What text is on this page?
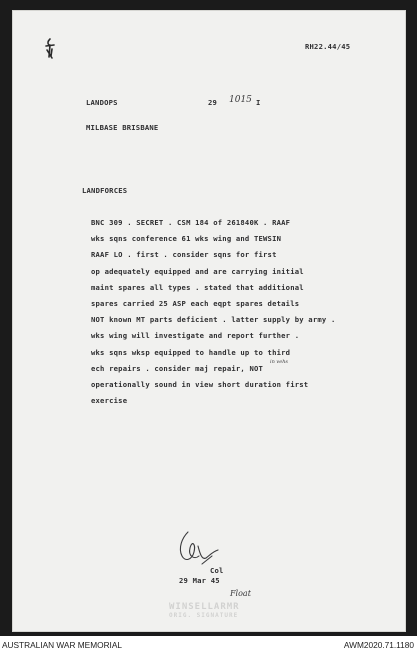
RH22.44/45
LANDOPS	29 1015 I
MILBASE BRISBANE
LANDFORCES
BNC 309 . SECRET . CSM 184 of 261840K . RAAF
wks sqns conference 61 wks wing and TEWSIN
RAAF LO . first . consider sqns for first
op adequately equipped and are carrying initial
maint spares all types . stated that additional
spares carried 25 ASP each eqpt spares details
NOT known MT parts deficient . latter supply by army .
wks wing will investigate and report further .
wks sqns wksp equipped to handle up to third
ech repairs . consider maj repair, NOT
operationally sound in view short duration first
exercise
in vehs
Col
29 Mar 45
Float
WINSELLARMR
ORIG. SIGNATURE
AUSTRALIAN WAR MEMORIAL	AWM2020.71.1180
